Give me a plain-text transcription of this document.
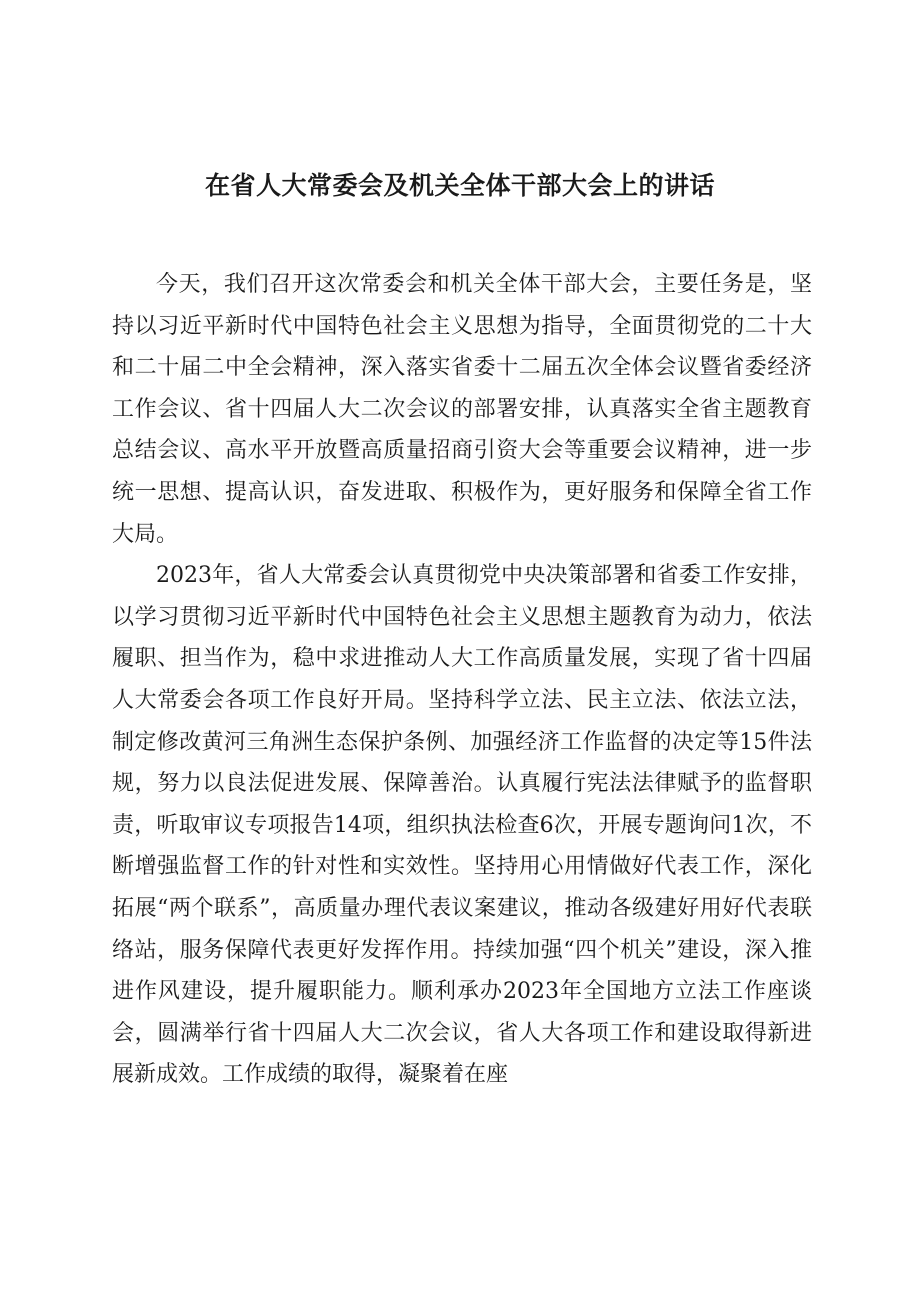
在省人大常委会及机关全体干部大会上的讲话

今天，我们召开这次常委会和机关全体干部大会，主要任务是，坚持以习近平新时代中国特色社会主义思想为指导，全面贯彻党的二十大和二十届二中全会精神，深入落实省委十二届五次全体会议暨省委经济工作会议、省十四届人大二次会议的部署安排，认真落实全省主题教育总结会议、高水平开放暨高质量招商引资大会等重要会议精神，进一步统一思想、提高认识，奋发进取、积极作为，更好服务和保障全省工作大局。

2023年，省人大常委会认真贯彻党中央决策部署和省委工作安排，以学习贯彻习近平新时代中国特色社会主义思想主题教育为动力，依法履职、担当作为，稳中求进推动人大工作高质量发展，实现了省十四届人大常委会各项工作良好开局。坚持科学立法、民主立法、依法立法，制定修改黄河三角洲生态保护条例、加强经济工作监督的决定等15件法规，努力以良法促进发展、保障善治。认真履行宪法法律赋予的监督职责，听取审议专项报告14项，组织执法检查6次，开展专题询问1次，不断增强监督工作的针对性和实效性。坚持用心用情做好代表工作，深化拓展“两个联系”，高质量办理代表议案建议，推动各级建好用好代表联络站，服务保障代表更好发挥作用。持续加强“四个机关”建设，深入推进作风建设，提升履职能力。顺利承办2023年全国地方立法工作座谈会，圆满举行省十四届人大二次会议，省人大各项工作和建设取得新进展新成效。工作成绩的取得，凝聚着在座
